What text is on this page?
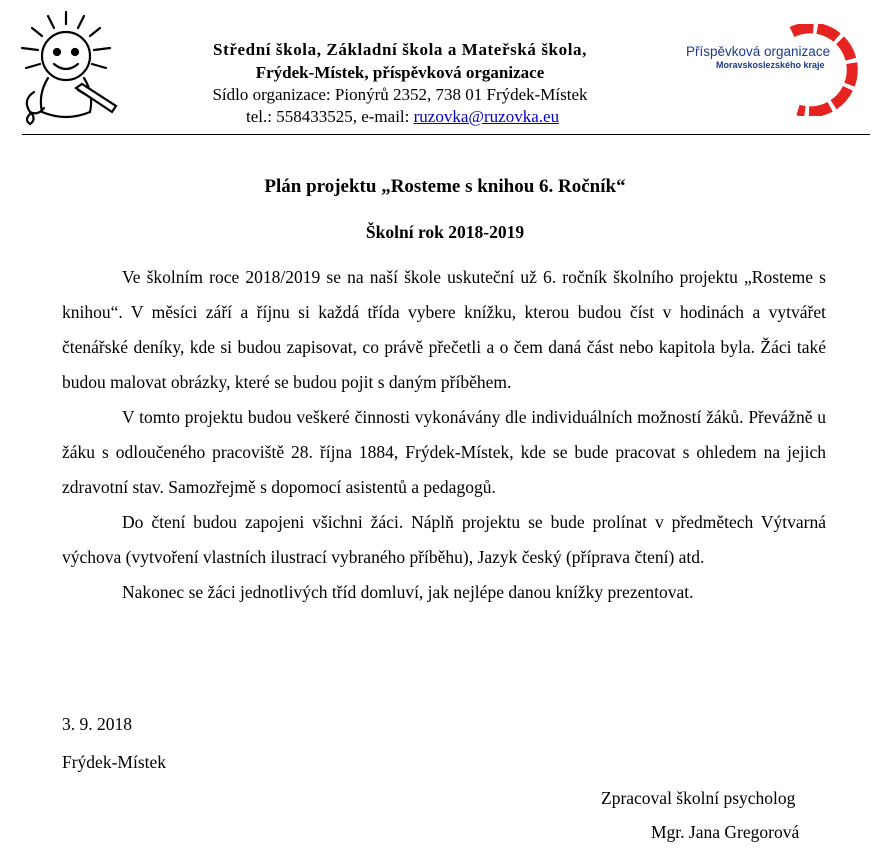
Střední škola, Základní škola a Mateřská škola,
Frýdek-Místek, příspěvková organizace
Sídlo organizace: Pionýrů 2352, 738 01 Frýdek-Místek
tel.: 558433525, e-mail: ruzovka@ruzovka.eu
Příspěvková organizace
Moravskoslezského kraje
Plán projektu „Rosteme s knihou 6. Ročník“
Školní rok 2018-2019

Ve školním roce 2018/2019 se na naší škole uskuteční už 6. ročník školního projektu „Rosteme s knihou“. V měsíci září a říjnu si každá třída vybere knížku, kterou budou číst v hodinách a vytvářet čtenářské deníky, kde si budou zapisovat, co právě přečetli a o čem daná část nebo kapitola byla. Žáci také budou malovat obrázky, které se budou pojit s daným příběhem.

V tomto projektu budou veškeré činnosti vykonávány dle individuálních možností žáků. Převážně u žáku s odloučeného pracoviště 28. října 1884, Frýdek-Místek, kde se bude pracovat s ohledem na jejich zdravotní stav. Samozřejmě s dopomocí asistentů a pedagogů.

Do čtení budou zapojeni všichni žáci. Náplň projektu se bude prolínat v předmětech Výtvarná výchova (vytvoření vlastních ilustrací vybraného příběhu), Jazyk český (příprava čtení) atd.

Nakonec se žáci jednotlivých tříd domluví, jak nejlépe danou knížky prezentovat.

3. 9. 2018
Frýdek-Místek
Zpracoval školní psycholog
Mgr. Jana Gregorová
